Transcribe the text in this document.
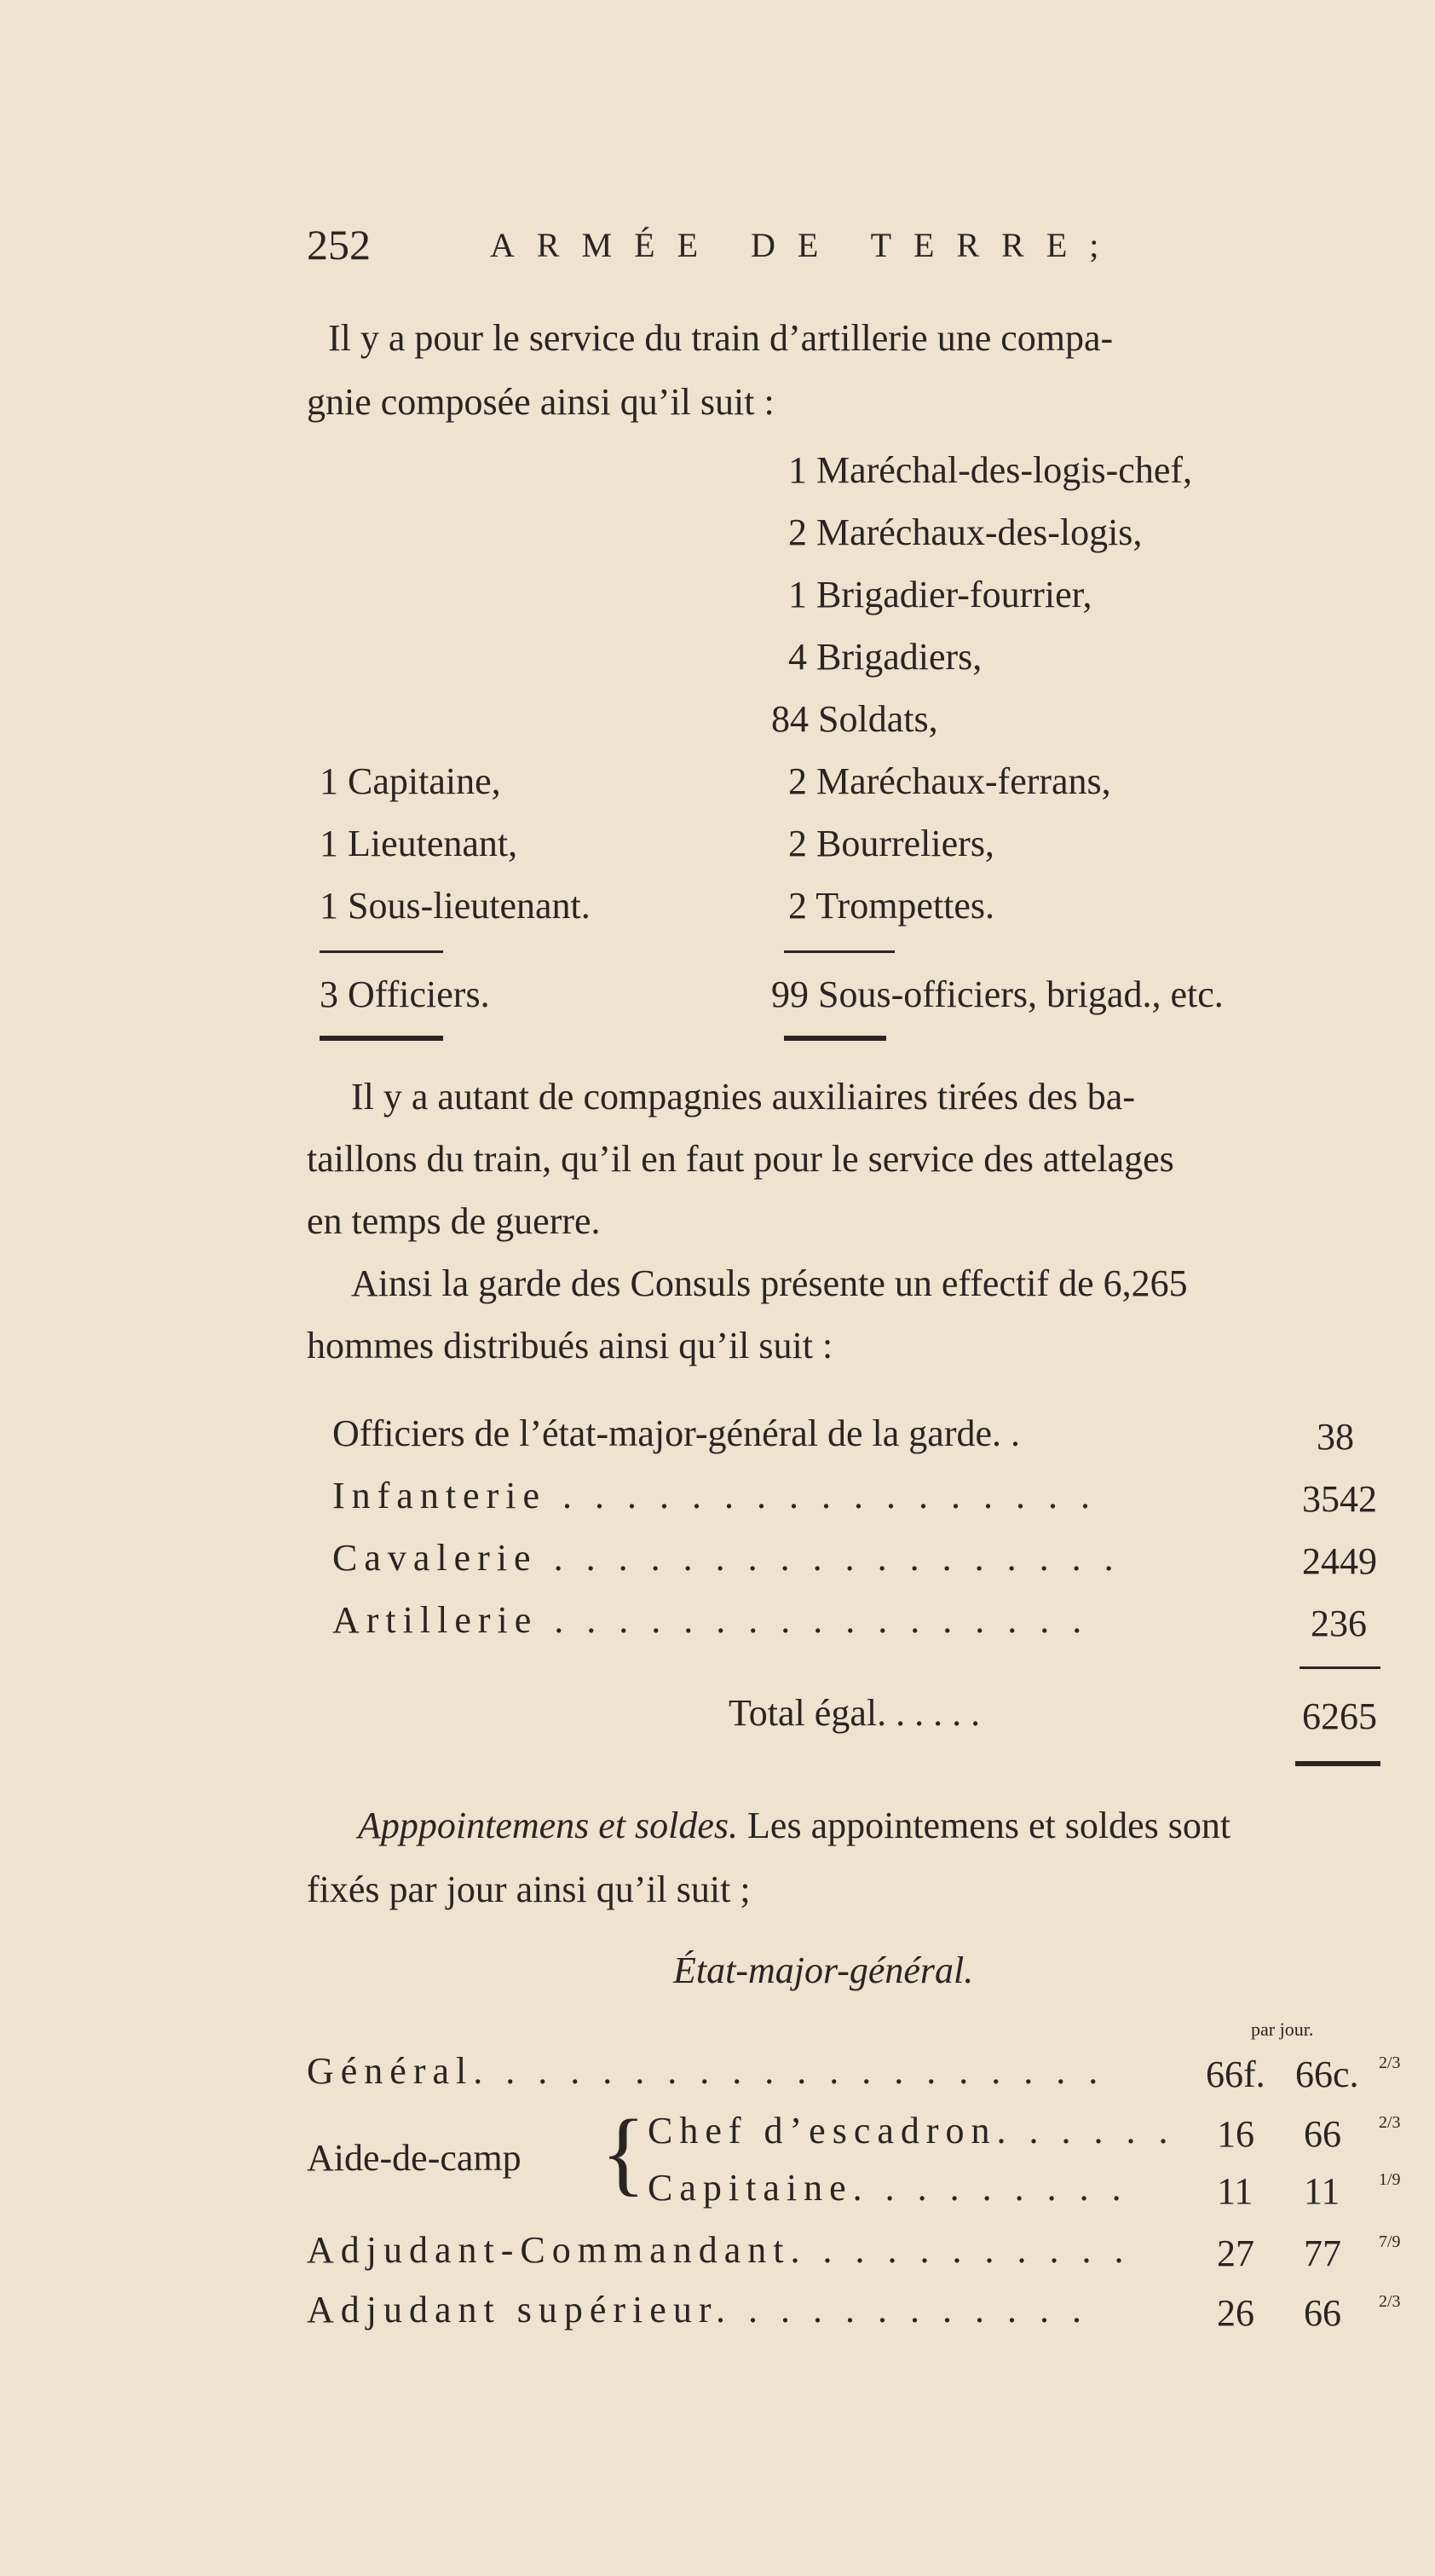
252	ARMÉE DE TERRE;
Il y a pour le service du train d’artillerie une compa-
gnie composée ainsi qu’il suit :
1 Maréchal-des-logis-chef,
2 Maréchaux-des-logis,
1 Brigadier-fourrier,
4 Brigadiers,
84 Soldats,
2 Maréchaux-ferrans,
2 Bourreliers,
2 Trompettes.
1 Capitaine,
1 Lieutenant,
1 Sous-lieutenant.
3 Officiers.	99 Sous-officiers, brigad., etc.
Il y a autant de compagnies auxiliaires tirées des ba-
taillons du train, qu’il en faut pour le service des attelages
en temps de guerre.
Ainsi la garde des Consuls présente un effectif de 6,265
hommes distribués ainsi qu’il suit :
Officiers de l’état-major-général de la garde. .	38
Infanterie . . . . . . . . . . . . . . . . .	3542
Cavalerie . . . . . . . . . . . . . . . . . .	2449
Artillerie . . . . . . . . . . . . . . . . .	236
Total égal. . . . . .	6265
Apppointemens et soldes. Les appointemens et soldes sont
fixés par jour ainsi qu’il suit ;
État-major-général.
par jour.
Général. . . . . . . . . . . . . . . . . . . .	66f. 66c. 2/3
Aide-de-camp { Chef d’escadron. . . . . . 16 66 2/3
Capitaine. . . . . . . . . 11 11 1/9
Adjudant-Commandant. . . . . . . . . . . 27 77 7/9
Adjudant supérieur. . . . . . . . . . . .	26 66 2/3
